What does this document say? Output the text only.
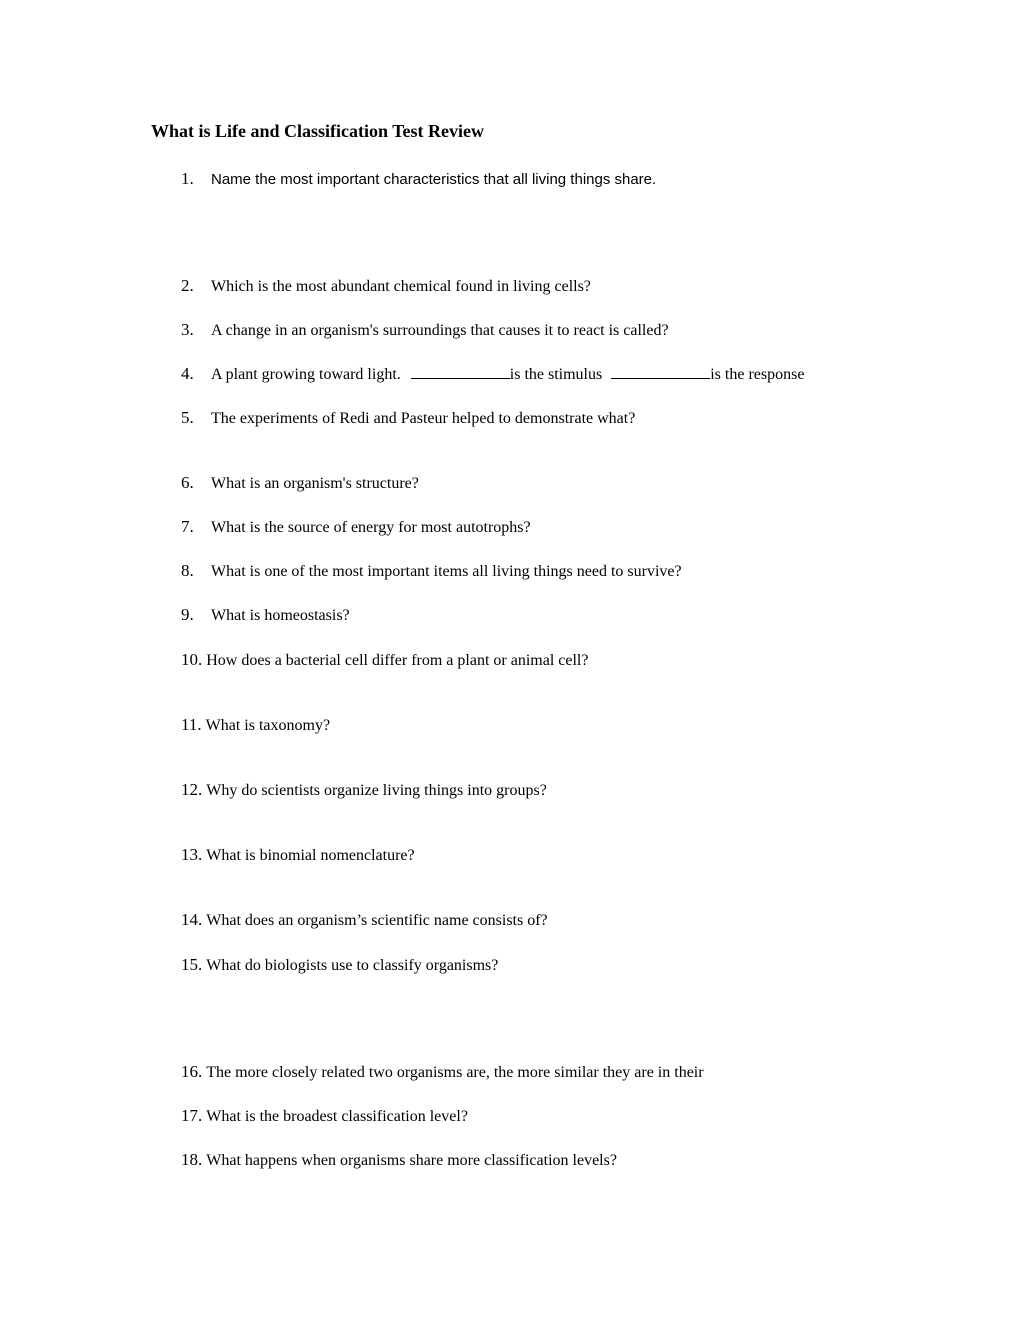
What is Life and Classification Test Review
1. Name the most important characteristics that all living things share.
2. Which is the most abundant chemical found in living cells?
3. A change in an organism's surroundings that causes it to react is called?
4. A plant growing toward light.	is the stimulus	is the response
5. The experiments of Redi and Pasteur helped to demonstrate what?
6. What is an organism's structure?
7. What is the source of energy for most autotrophs?
8. What is one of the most important items all living things need to survive?
9. What is homeostasis?
10. How does a bacterial cell differ from a plant or animal cell?
11. What is taxonomy?
12. Why do scientists organize living things into groups?
13. What is binomial nomenclature?
14. What does an organism’s scientific name consists of?
15. What do biologists use to classify organisms?
16. The more closely related two organisms are, the more similar they are in their
17. What is the broadest classification level?
18. What happens when organisms share more classification levels?
